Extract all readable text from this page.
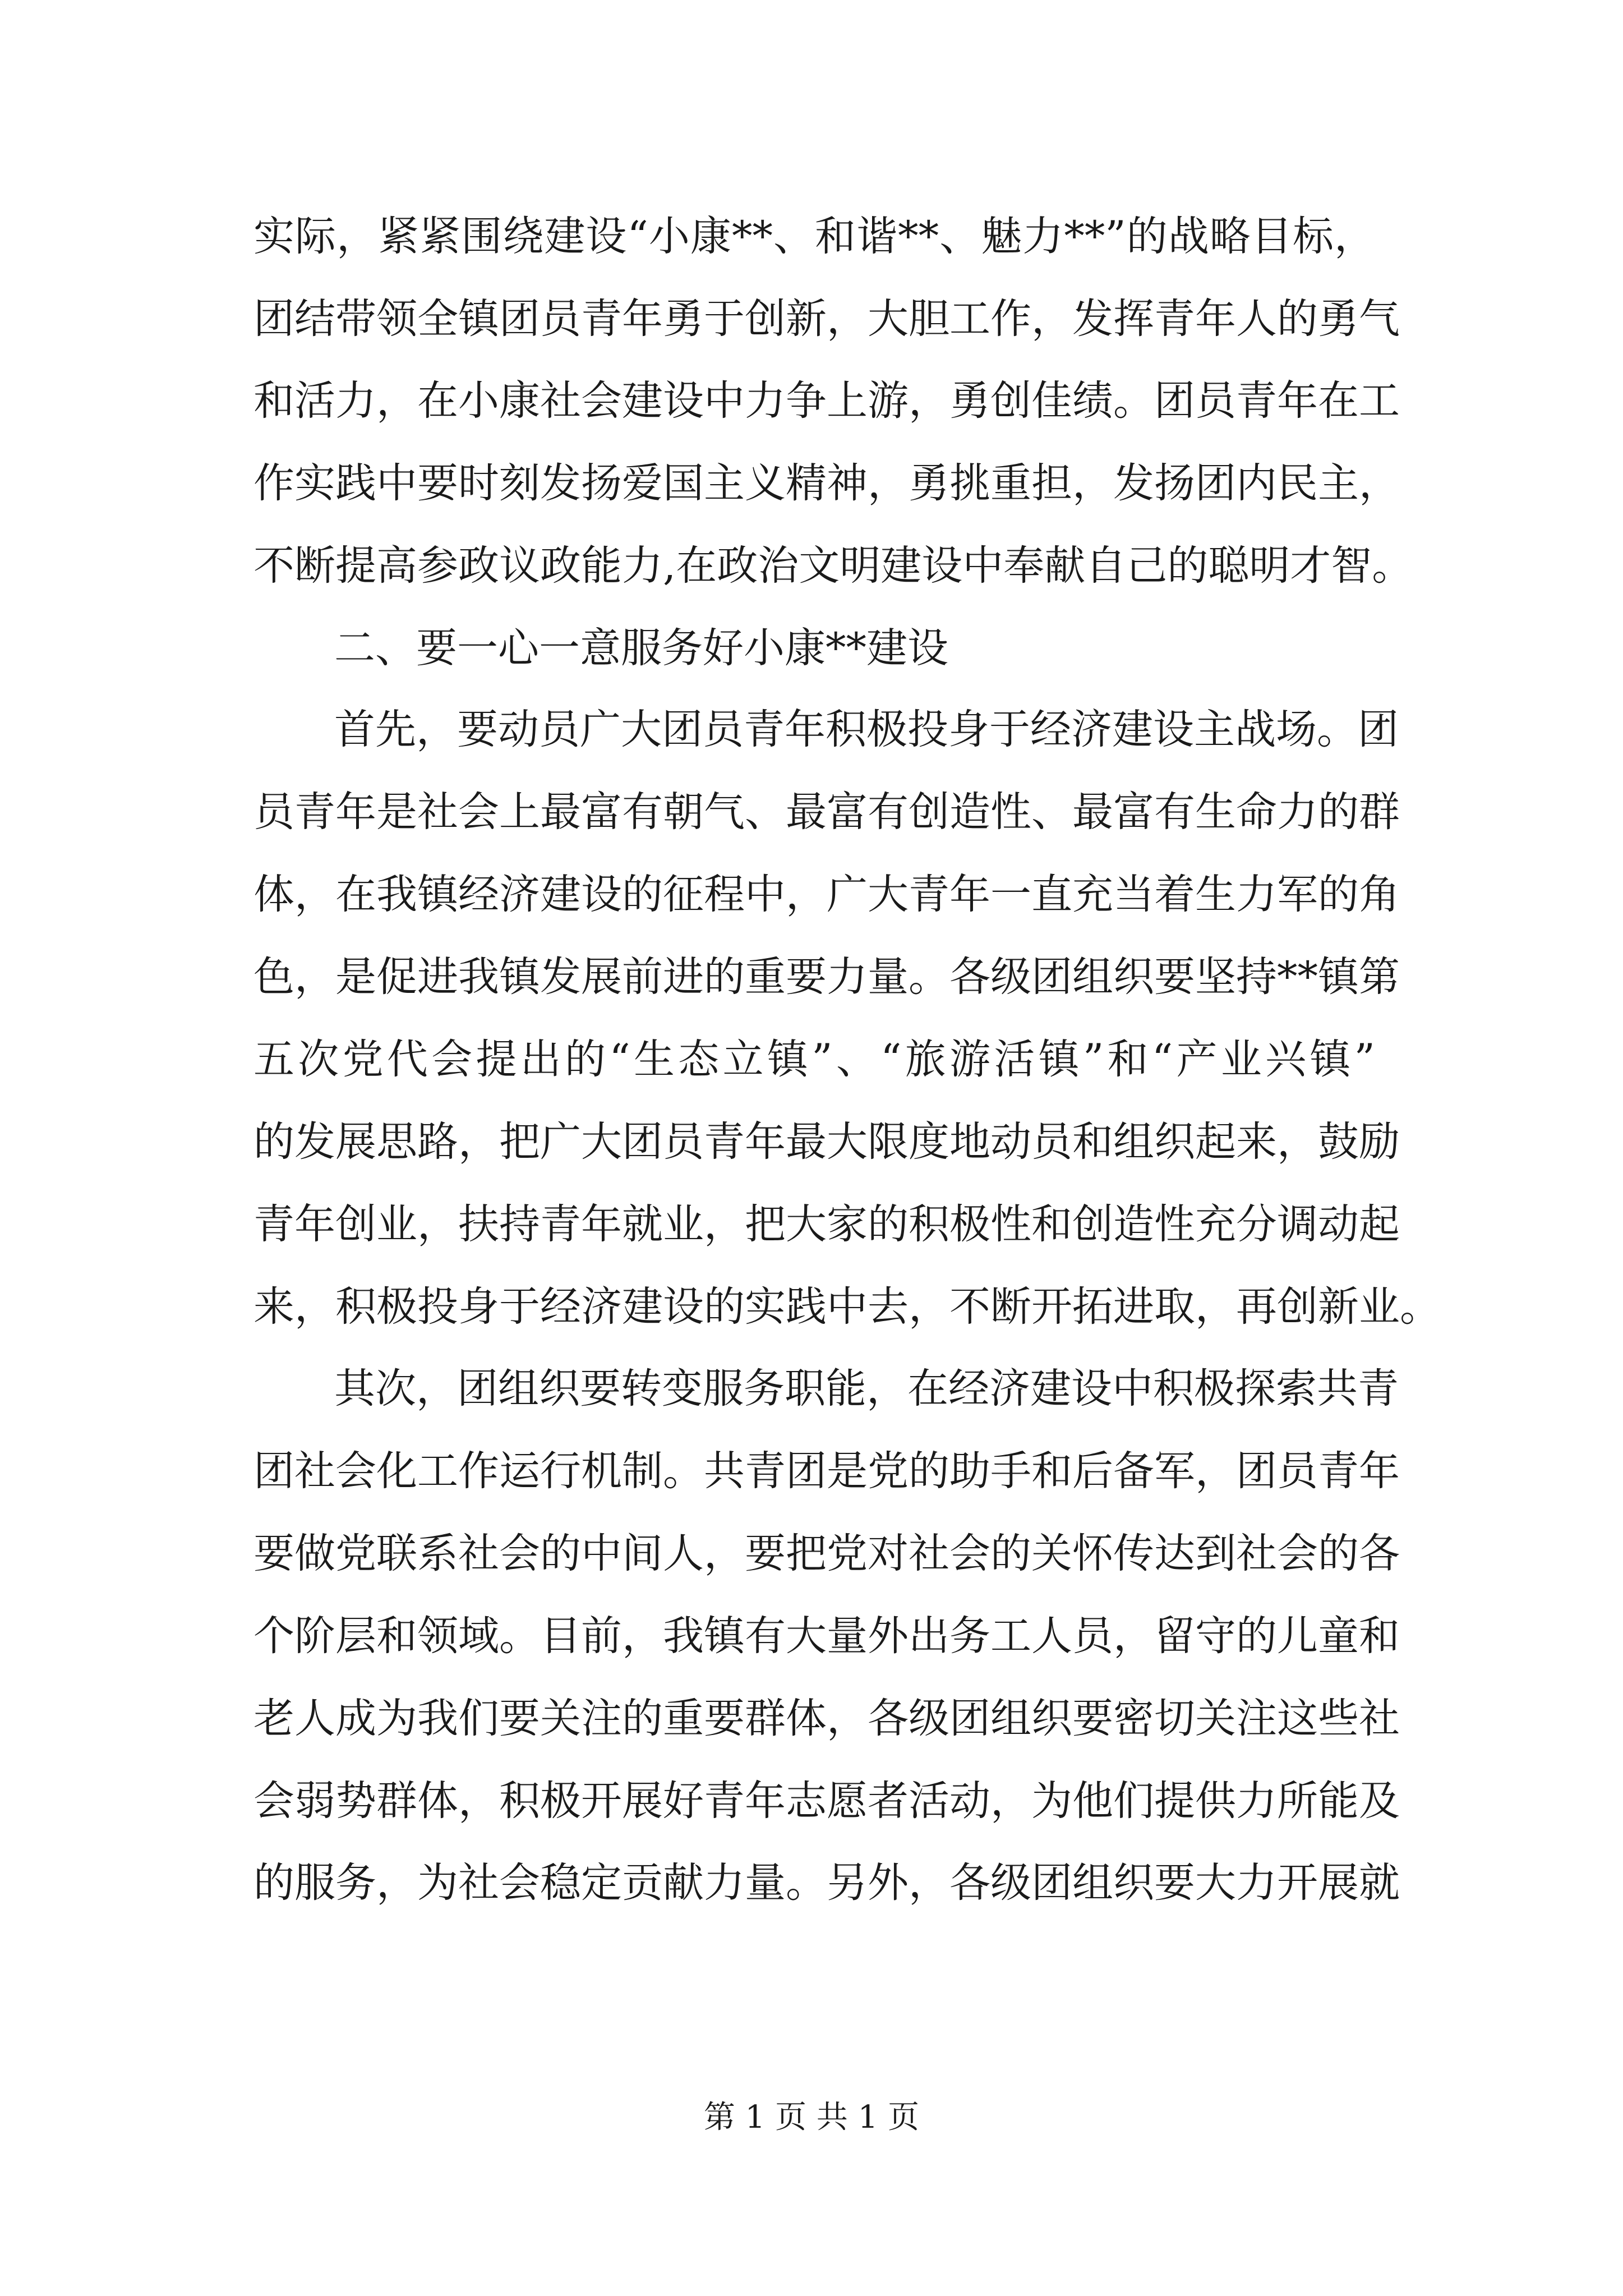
实际，紧紧围绕建设“小康**、和谐**、魅力**”的战略目标，
团结带领全镇团员青年勇于创新，大胆工作，发挥青年人的勇气
和活力，在小康社会建设中力争上游，勇创佳绩。团员青年在工
作实践中要时刻发扬爱国主义精神，勇挑重担，发扬团内民主，
不断提高参政议政能力,在政治文明建设中奉献自己的聪明才智。
二、要一心一意服务好小康**建设
首先，要动员广大团员青年积极投身于经济建设主战场。团
员青年是社会上最富有朝气、最富有创造性、最富有生命力的群
体，在我镇经济建设的征程中，广大青年一直充当着生力军的角
色，是促进我镇发展前进的重要力量。各级团组织要坚持**镇第
五次党代会提出的“生态立镇”、“旅游活镇”和“产业兴镇”
的发展思路，把广大团员青年最大限度地动员和组织起来，鼓励
青年创业，扶持青年就业，把大家的积极性和创造性充分调动起
来，积极投身于经济建设的实践中去，不断开拓进取，再创新业。
其次，团组织要转变服务职能，在经济建设中积极探索共青
团社会化工作运行机制。共青团是党的助手和后备军，团员青年
要做党联系社会的中间人，要把党对社会的关怀传达到社会的各
个阶层和领域。目前，我镇有大量外出务工人员，留守的儿童和
老人成为我们要关注的重要群体，各级团组织要密切关注这些社
会弱势群体，积极开展好青年志愿者活动，为他们提供力所能及
的服务，为社会稳定贡献力量。另外，各级团组织要大力开展就
第 1 页 共 1 页
